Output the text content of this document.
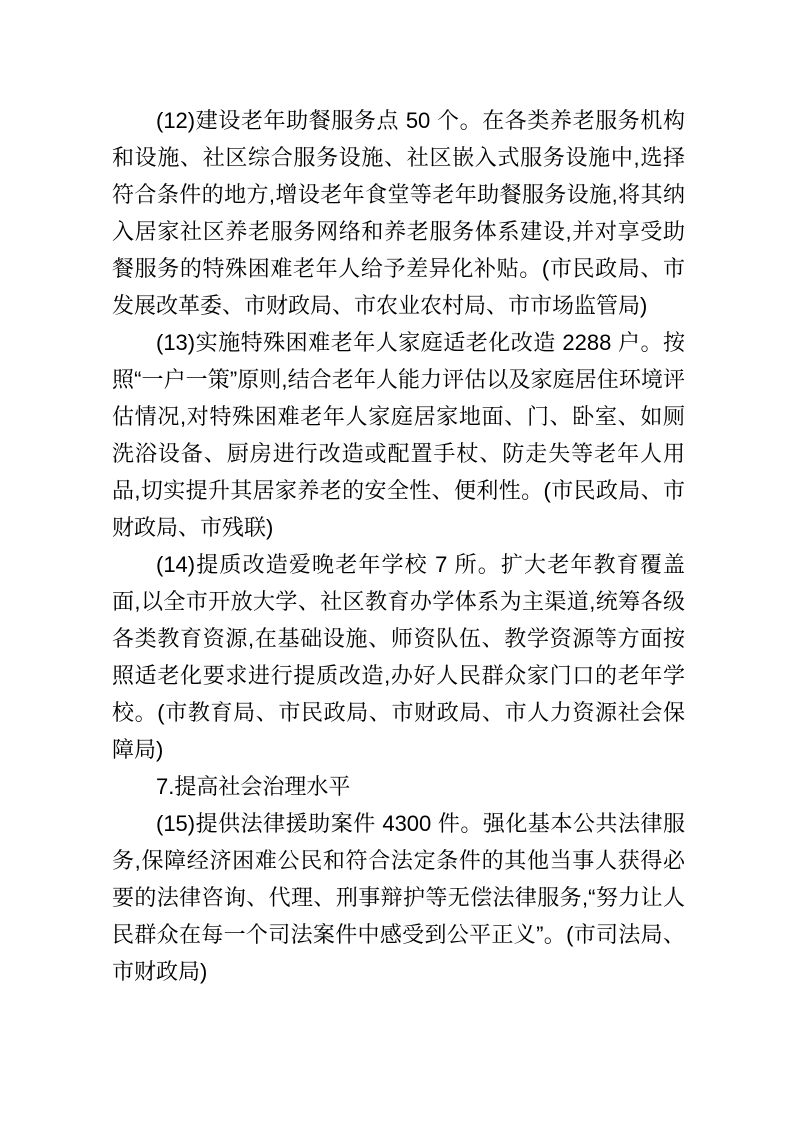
(12)建设老年助餐服务点 50 个。在各类养老服务机构和设施、社区综合服务设施、社区嵌入式服务设施中,选择符合条件的地方,增设老年食堂等老年助餐服务设施,将其纳入居家社区养老服务网络和养老服务体系建设,并对享受助餐服务的特殊困难老年人给予差异化补贴。(市民政局、市发展改革委、市财政局、市农业农村局、市市场监管局)

(13)实施特殊困难老年人家庭适老化改造 2288 户。按照“一户一策”原则,结合老年人能力评估以及家庭居住环境评估情况,对特殊困难老年人家庭居家地面、门、卧室、如厕洗浴设备、厨房进行改造或配置手杖、防走失等老年人用品,切实提升其居家养老的安全性、便利性。(市民政局、市财政局、市残联)

(14)提质改造爱晚老年学校 7 所。扩大老年教育覆盖面,以全市开放大学、社区教育办学体系为主渠道,统筹各级各类教育资源,在基础设施、师资队伍、教学资源等方面按照适老化要求进行提质改造,办好人民群众家门口的老年学校。(市教育局、市民政局、市财政局、市人力资源社会保障局)

7.提高社会治理水平

(15)提供法律援助案件 4300 件。强化基本公共法律服务,保障经济困难公民和符合法定条件的其他当事人获得必要的法律咨询、代理、刑事辩护等无偿法律服务,“努力让人民群众在每一个司法案件中感受到公平正义”。(市司法局、市财政局)
